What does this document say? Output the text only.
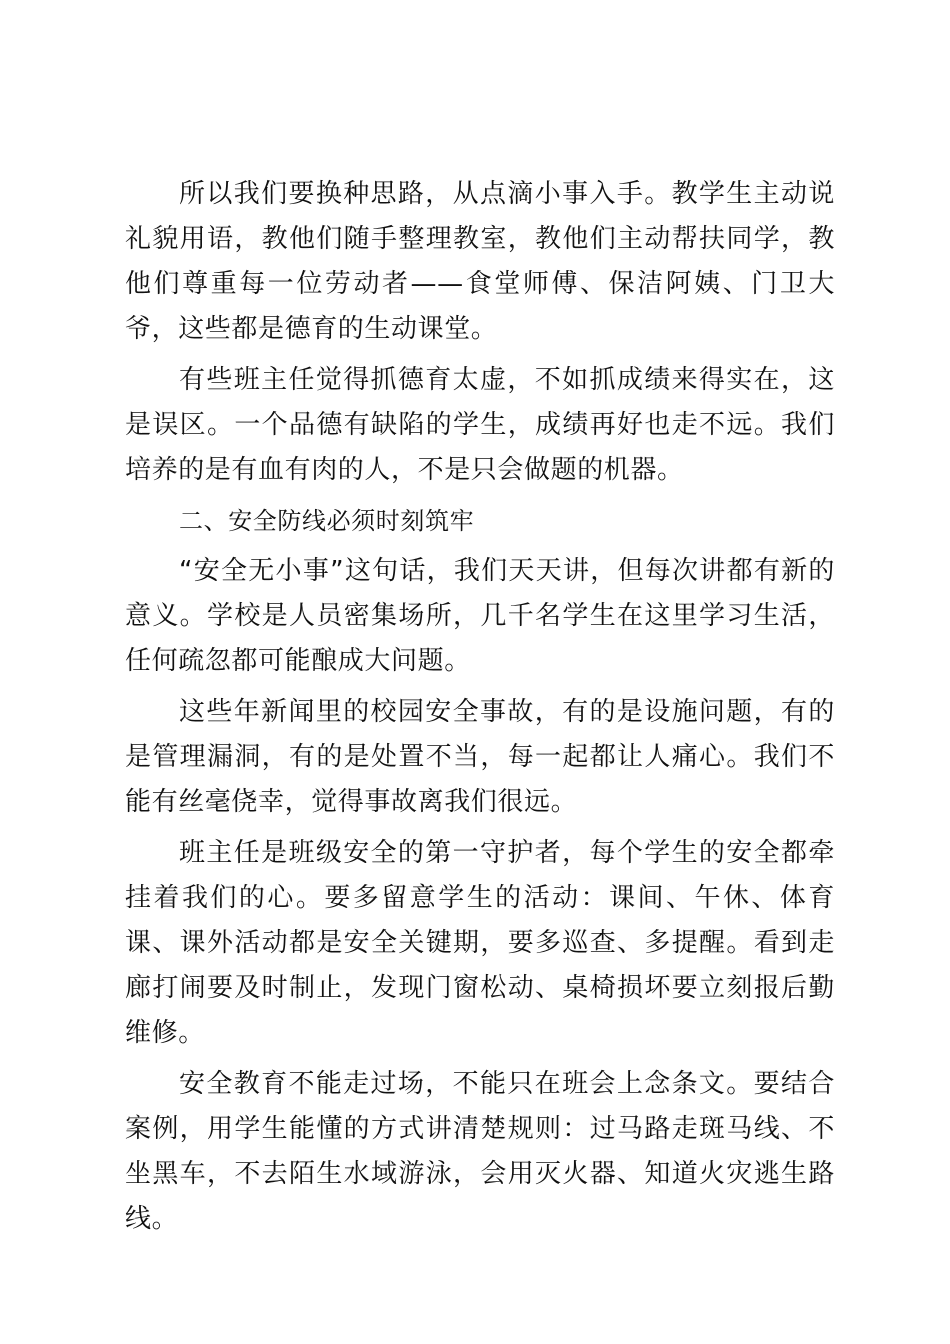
所以我们要换种思路，从点滴小事入手。教学生主动说礼貌用语，教他们随手整理教室，教他们主动帮扶同学，教他们尊重每一位劳动者——食堂师傅、保洁阿姨、门卫大爷，这些都是德育的生动课堂。

有些班主任觉得抓德育太虚，不如抓成绩来得实在，这是误区。一个品德有缺陷的学生，成绩再好也走不远。我们培养的是有血有肉的人，不是只会做题的机器。

二、安全防线必须时刻筑牢

“安全无小事”这句话，我们天天讲，但每次讲都有新的意义。学校是人员密集场所，几千名学生在这里学习生活，任何疏忽都可能酿成大问题。

这些年新闻里的校园安全事故，有的是设施问题，有的是管理漏洞，有的是处置不当，每一起都让人痛心。我们不能有丝毫侥幸，觉得事故离我们很远。

班主任是班级安全的第一守护者，每个学生的安全都牵挂着我们的心。要多留意学生的活动：课间、午休、体育课、课外活动都是安全关键期，要多巡查、多提醒。看到走廊打闹要及时制止，发现门窗松动、桌椅损坏要立刻报后勤维修。

安全教育不能走过场，不能只在班会上念条文。要结合案例，用学生能懂的方式讲清楚规则：过马路走斑马线、不坐黑车，不去陌生水域游泳，会用灭火器、知道火灾逃生路线。
